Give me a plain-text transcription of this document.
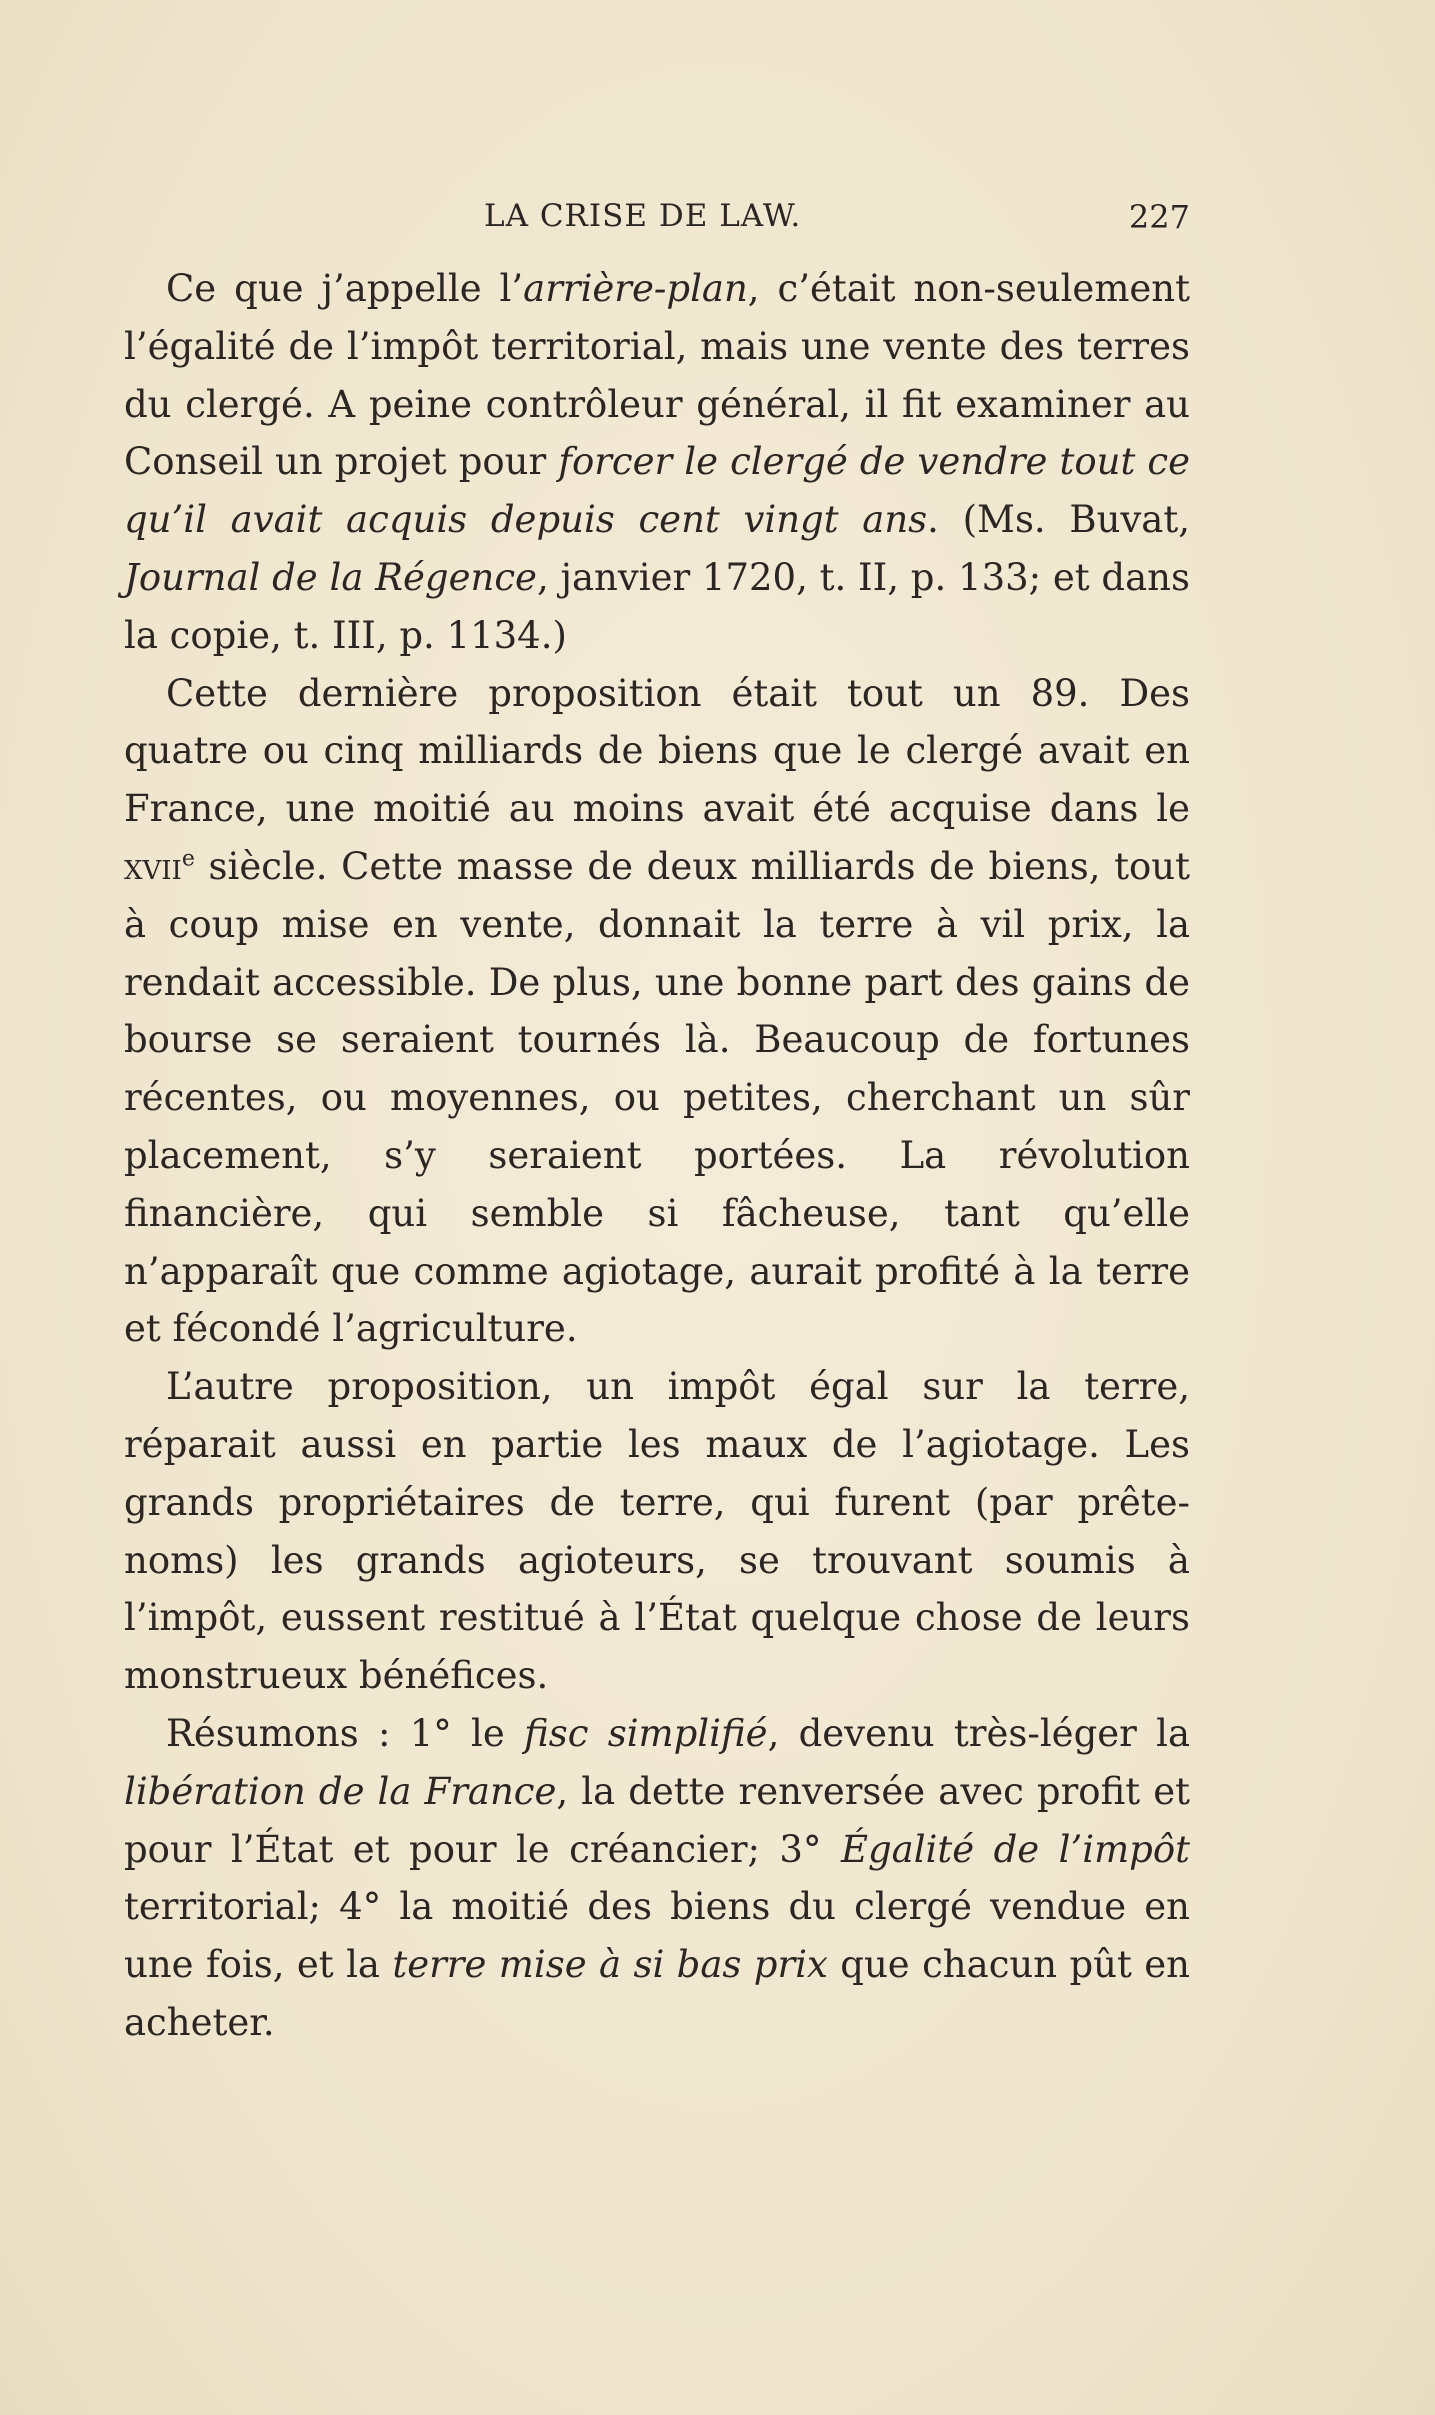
LA CRISE DE LAW.	227

Ce que j’appelle l’arrière-plan, c’était non-seulement l’égalité de l’impôt territorial, mais une vente des terres du clergé. A peine contrôleur général, il fit examiner au Conseil un projet pour forcer le clergé de vendre tout ce qu’il avait acquis depuis cent vingt ans. (Ms. Buvat, Journal de la Régence, janvier 1720, t. II, p. 133; et dans la copie, t. III, p. 1134.)

Cette dernière proposition était tout un 89. Des quatre ou cinq milliards de biens que le clergé avait en France, une moitié au moins avait été acquise dans le xvii$^e$ siècle. Cette masse de deux milliards de biens, tout à coup mise en vente, donnait la terre à vil prix, la rendait accessible. De plus, une bonne part des gains de bourse se seraient tournés là. Beaucoup de fortunes récentes, ou moyennes, ou petites, cherchant un sûr placement, s’y seraient portées. La révolution financière, qui semble si fâcheuse, tant qu’elle n’apparaît que comme agiotage, aurait profité à la terre et fécondé l’agriculture.

L’autre proposition, un impôt égal sur la terre, réparait aussi en partie les maux de l’agiotage. Les grands propriétaires de terre, qui furent (par prête-noms) les grands agioteurs, se trouvant soumis à l’impôt, eussent restitué à l’État quelque chose de leurs monstrueux bénéfices.

Résumons : 1° le fisc simplifié, devenu très-léger la libération de la France, la dette renversée avec profit et pour l’État et pour le créancier; 3° Égalité de l’impôt territorial; 4° la moitié des biens du clergé vendue en une fois, et la terre mise à si bas prix que chacun pût en acheter.
